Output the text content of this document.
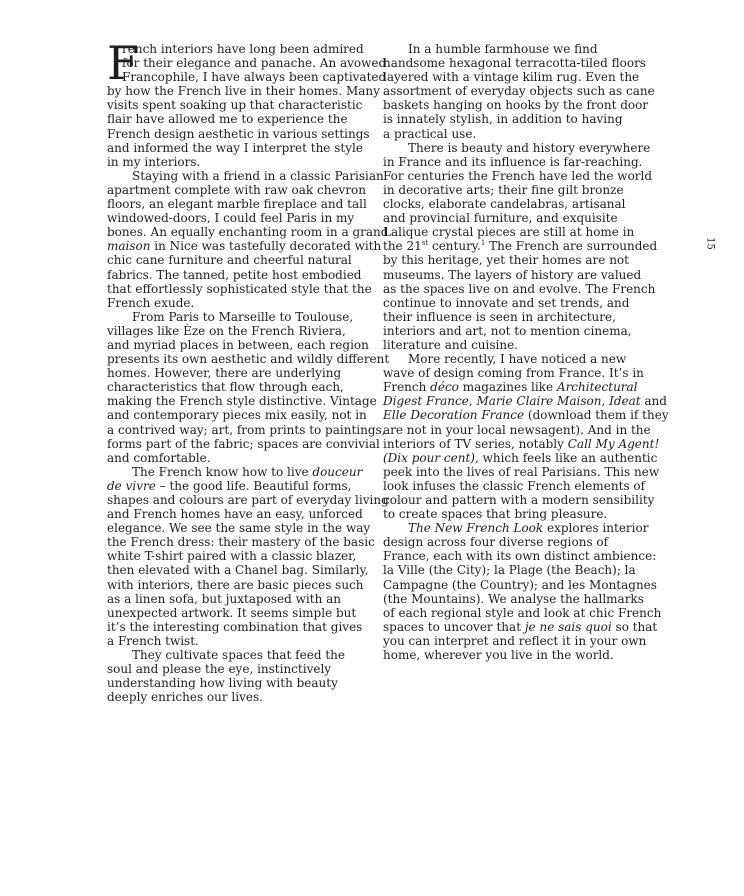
F
rench interiors have long been admired
for their elegance and panache. An avowed
Francophile, I have always been captivated
by how the French live in their homes. Many
visits spent soaking up that characteristic
flair have allowed me to experience the
French design aesthetic in various settings
and informed the way I interpret the style
in my interiors.
Staying with a friend in a classic Parisian
apartment complete with raw oak chevron
floors, an elegant marble fireplace and tall
windowed-doors, I could feel Paris in my
bones. An equally enchanting room in a grand
maison in Nice was tastefully decorated with
chic cane furniture and cheerful natural
fabrics. The tanned, petite host embodied
that effortlessly sophisticated style that the
French exude.
From Paris to Marseille to Toulouse,
villages like Èze on the French Riviera,
and myriad places in between, each region
presents its own aesthetic and wildly different
homes. However, there are underlying
characteristics that flow through each,
making the French style distinctive. Vintage
and contemporary pieces mix easily, not in
a contrived way; art, from prints to paintings,
forms part of the fabric; spaces are convivial
and comfortable.
The French know how to live douceur
de vivre – the good life. Beautiful forms,
shapes and colours are part of everyday living
and French homes have an easy, unforced
elegance. We see the same style in the way
the French dress: their mastery of the basic
white T-shirt paired with a classic blazer,
then elevated with a Chanel bag. Similarly,
with interiors, there are basic pieces such
as a linen sofa, but juxtaposed with an
unexpected artwork. It seems simple but
it’s the interesting combination that gives
a French twist.
They cultivate spaces that feed the
soul and please the eye, instinctively
understanding how living with beauty
deeply enriches our lives.
In a humble farmhouse we find
handsome hexagonal terracotta-tiled floors
layered with a vintage kilim rug. Even the
assortment of everyday objects such as cane
baskets hanging on hooks by the front door
is innately stylish, in addition to having
a practical use.
There is beauty and history everywhere
in France and its influence is far-reaching.
For centuries the French have led the world
in decorative arts; their fine gilt bronze
clocks, elaborate candelabras, artisanal
and provincial furniture, and exquisite
Lalique crystal pieces are still at home in
the 21st century.$^1$ The French are surrounded
by this heritage, yet their homes are not
museums. The layers of history are valued
as the spaces live on and evolve. The French
continue to innovate and set trends, and
their influence is seen in architecture,
interiors and art, not to mention cinema,
literature and cuisine.
More recently, I have noticed a new
wave of design coming from France. It’s in
French déco magazines like Architectural
Digest France, Marie Claire Maison, Ideat and
Elle Decoration France (download them if they
are not in your local newsagent). And in the
interiors of TV series, notably Call My Agent!
(Dix pour cent), which feels like an authentic
peek into the lives of real Parisians. This new
look infuses the classic French elements of
colour and pattern with a modern sensibility
to create spaces that bring pleasure.
The New French Look explores interior
design across four diverse regions of
France, each with its own distinct ambience:
la Ville (the City); la Plage (the Beach); la
Campagne (the Country); and les Montagnes
(the Mountains). We analyse the hallmarks
of each regional style and look at chic French
spaces to uncover that je ne sais quoi so that
you can interpret and reflect it in your own
home, wherever you live in the world.
15
